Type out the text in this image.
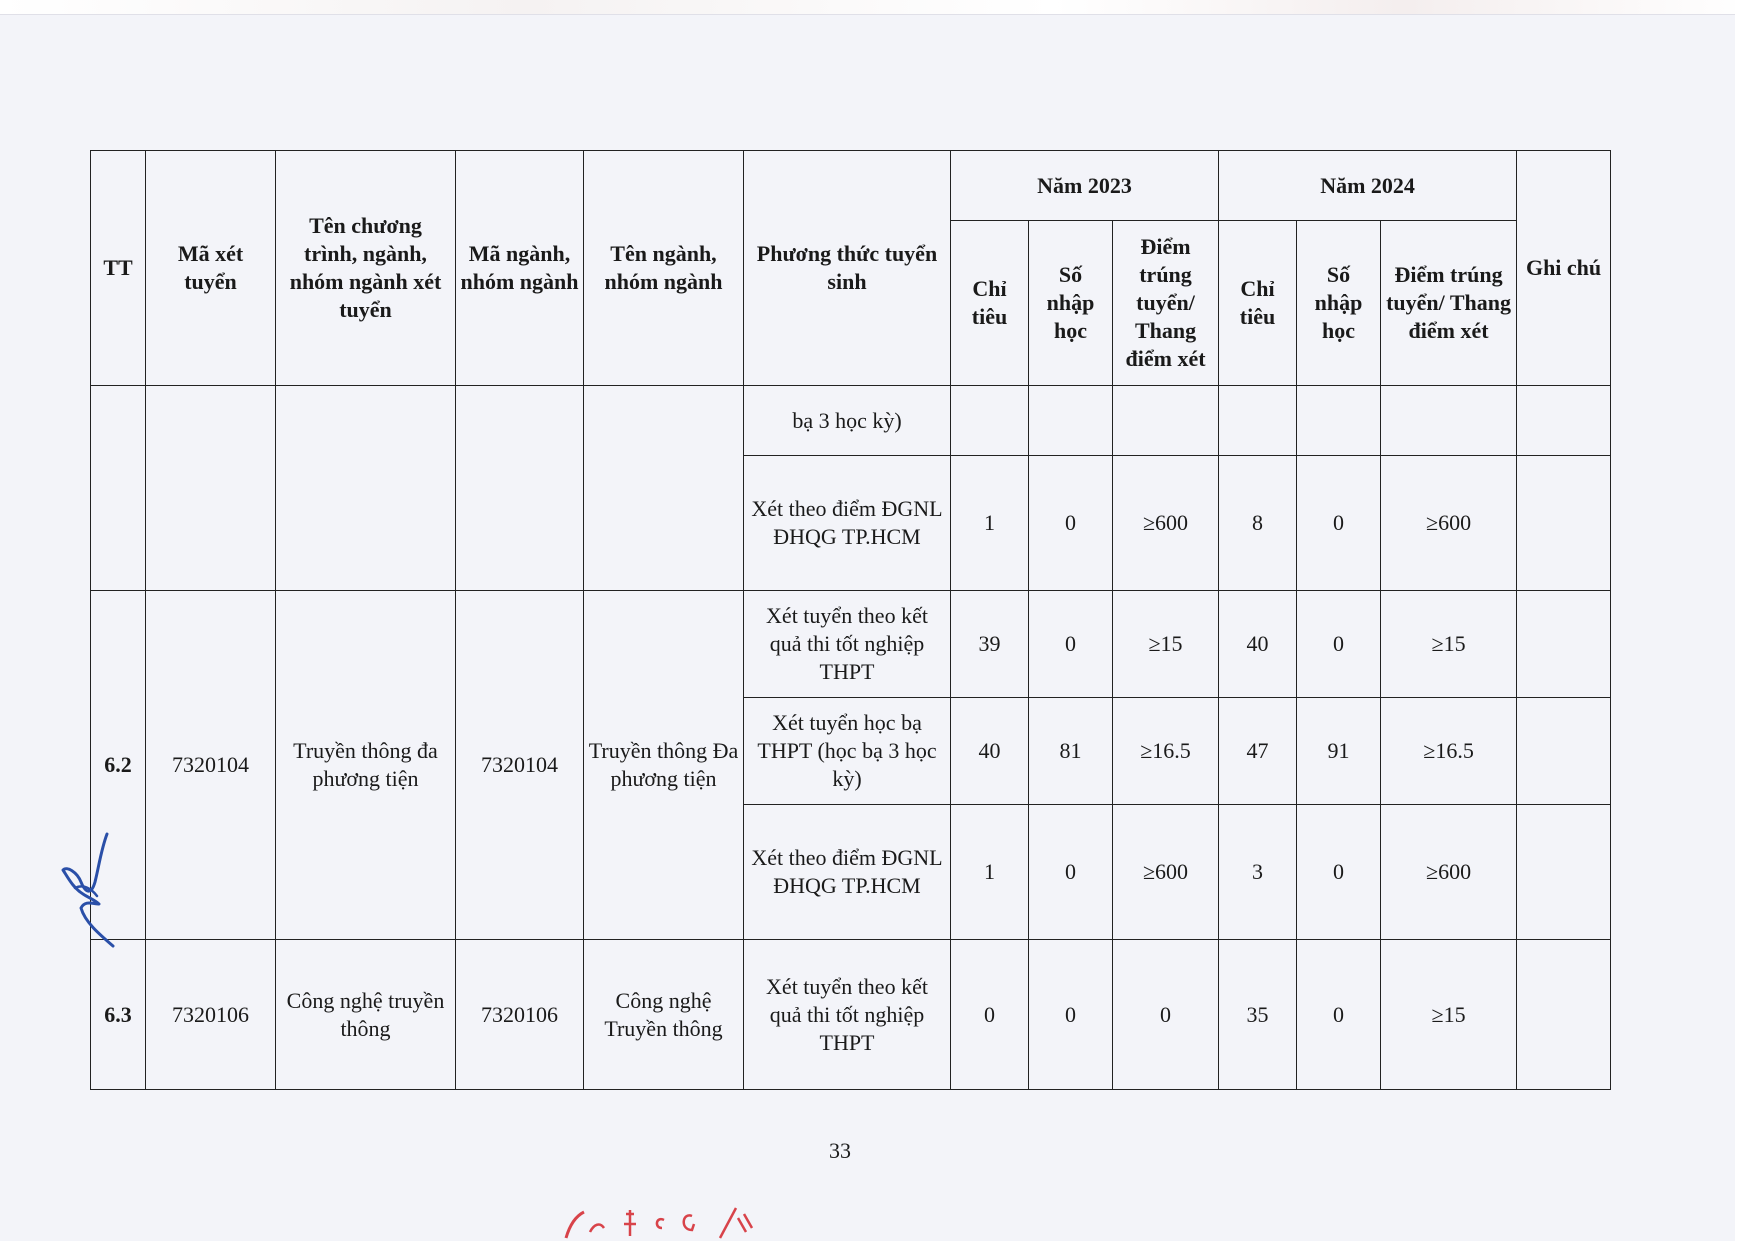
TT	Mã xét tuyển	Tên chương trình, ngành, nhóm ngành xét tuyển	Mã ngành, nhóm ngành	Tên ngành, nhóm ngành	Phương thức tuyển sinh	Năm 2023			Năm 2024			Ghi chú
						Chỉ tiêu	Số nhập học	Điểm trúng tuyển/ Thang điểm xét	Chỉ tiêu	Số nhập học	Điểm trúng tuyển/ Thang điểm xét	
					bạ 3 học kỳ)							
					Xét theo điểm ĐGNL ĐHQG TP.HCM	1	0	≥600	8	0	≥600	
6.2	7320104	Truyền thông đa phương tiện	7320104	Truyền thông Đa phương tiện	Xét tuyển theo kết quả thi tốt nghiệp THPT	39	0	≥15	40	0	≥15	
					Xét tuyển học bạ THPT (học bạ 3 học kỳ)	40	81	≥16.5	47	91	≥16.5	
					Xét theo điểm ĐGNL ĐHQG TP.HCM	1	0	≥600	3	0	≥600	
6.3	7320106	Công nghệ truyền thông	7320106	Công nghệ Truyền thông	Xét tuyển theo kết quả thi tốt nghiệp THPT	0	0	0	35	0	≥15	
33
